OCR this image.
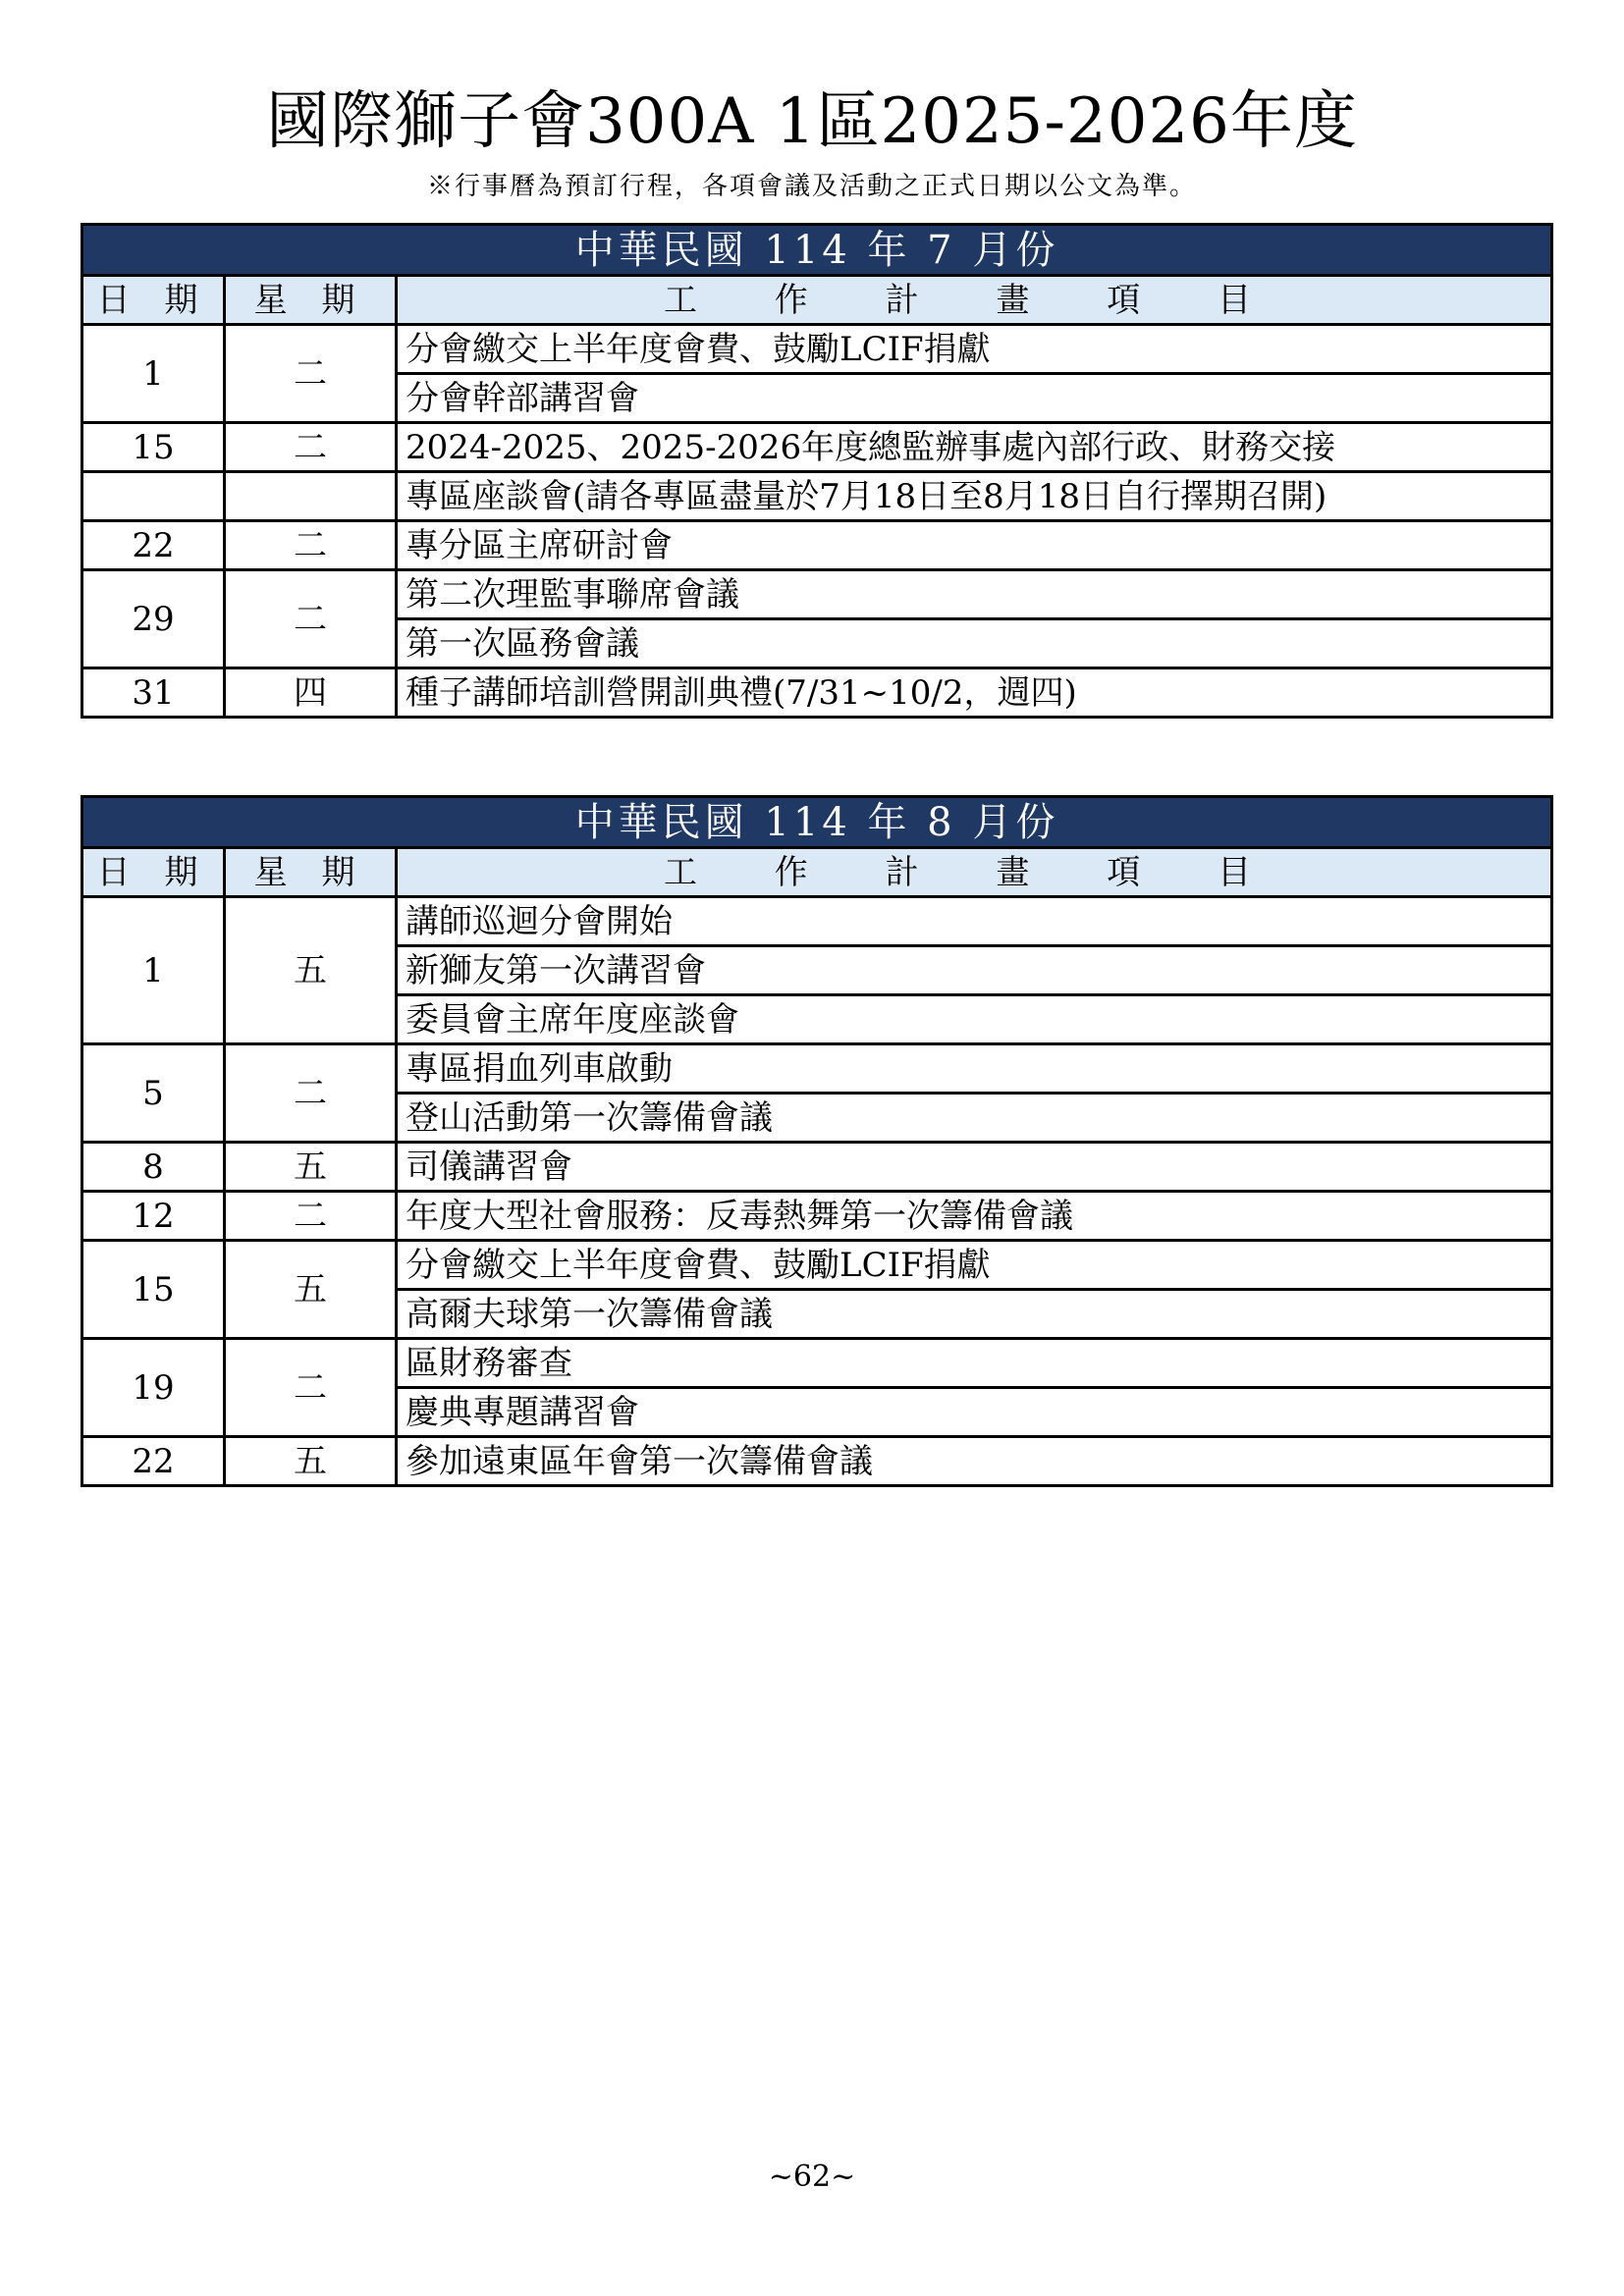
國際獅子會300A 1區2025-2026年度
※行事曆為預訂行程，各項會議及活動之正式日期以公文為準。
中華民國 114 年 7 月份		
日 期	星 期	工 作 計 畫 項 目
1	二	分會繳交上半年度會費、鼓勵LCIF捐獻
		分會幹部講習會
15	二	2024-2025、2025-2026年度總監辦事處內部行政、財務交接
		專區座談會(請各專區盡量於7月18日至8月18日自行擇期召開)
22	二	專分區主席研討會
29	二	第二次理監事聯席會議
		第一次區務會議
31	四	種子講師培訓營開訓典禮(7/31~10/2，週四)
中華民國 114 年 8 月份		
日 期	星 期	工 作 計 畫 項 目
1	五	講師巡迴分會開始
		新獅友第一次講習會
		委員會主席年度座談會
5	二	專區捐血列車啟動
		登山活動第一次籌備會議
8	五	司儀講習會
12	二	年度大型社會服務：反毒熱舞第一次籌備會議
15	五	分會繳交上半年度會費、鼓勵LCIF捐獻
		高爾夫球第一次籌備會議
19	二	區財務審查
		慶典專題講習會
22	五	參加遠東區年會第一次籌備會議
~62~
